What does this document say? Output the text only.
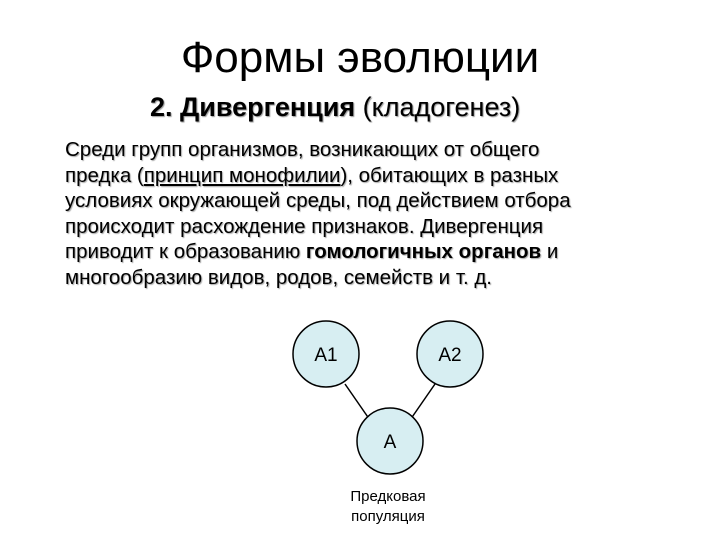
Формы эволюции
2. Дивергенция (кладогенез)
Среди групп организмов, возникающих от общего
предка (принцип монофилии), обитающих в разных
условиях окружающей среды, под действием отбора
происходит расхождение признаков. Дивергенция
приводит к образованию гомологичных органов и
многообразию видов, родов, семейств и т. д.
А1	А2
А
Предковая
популяция
